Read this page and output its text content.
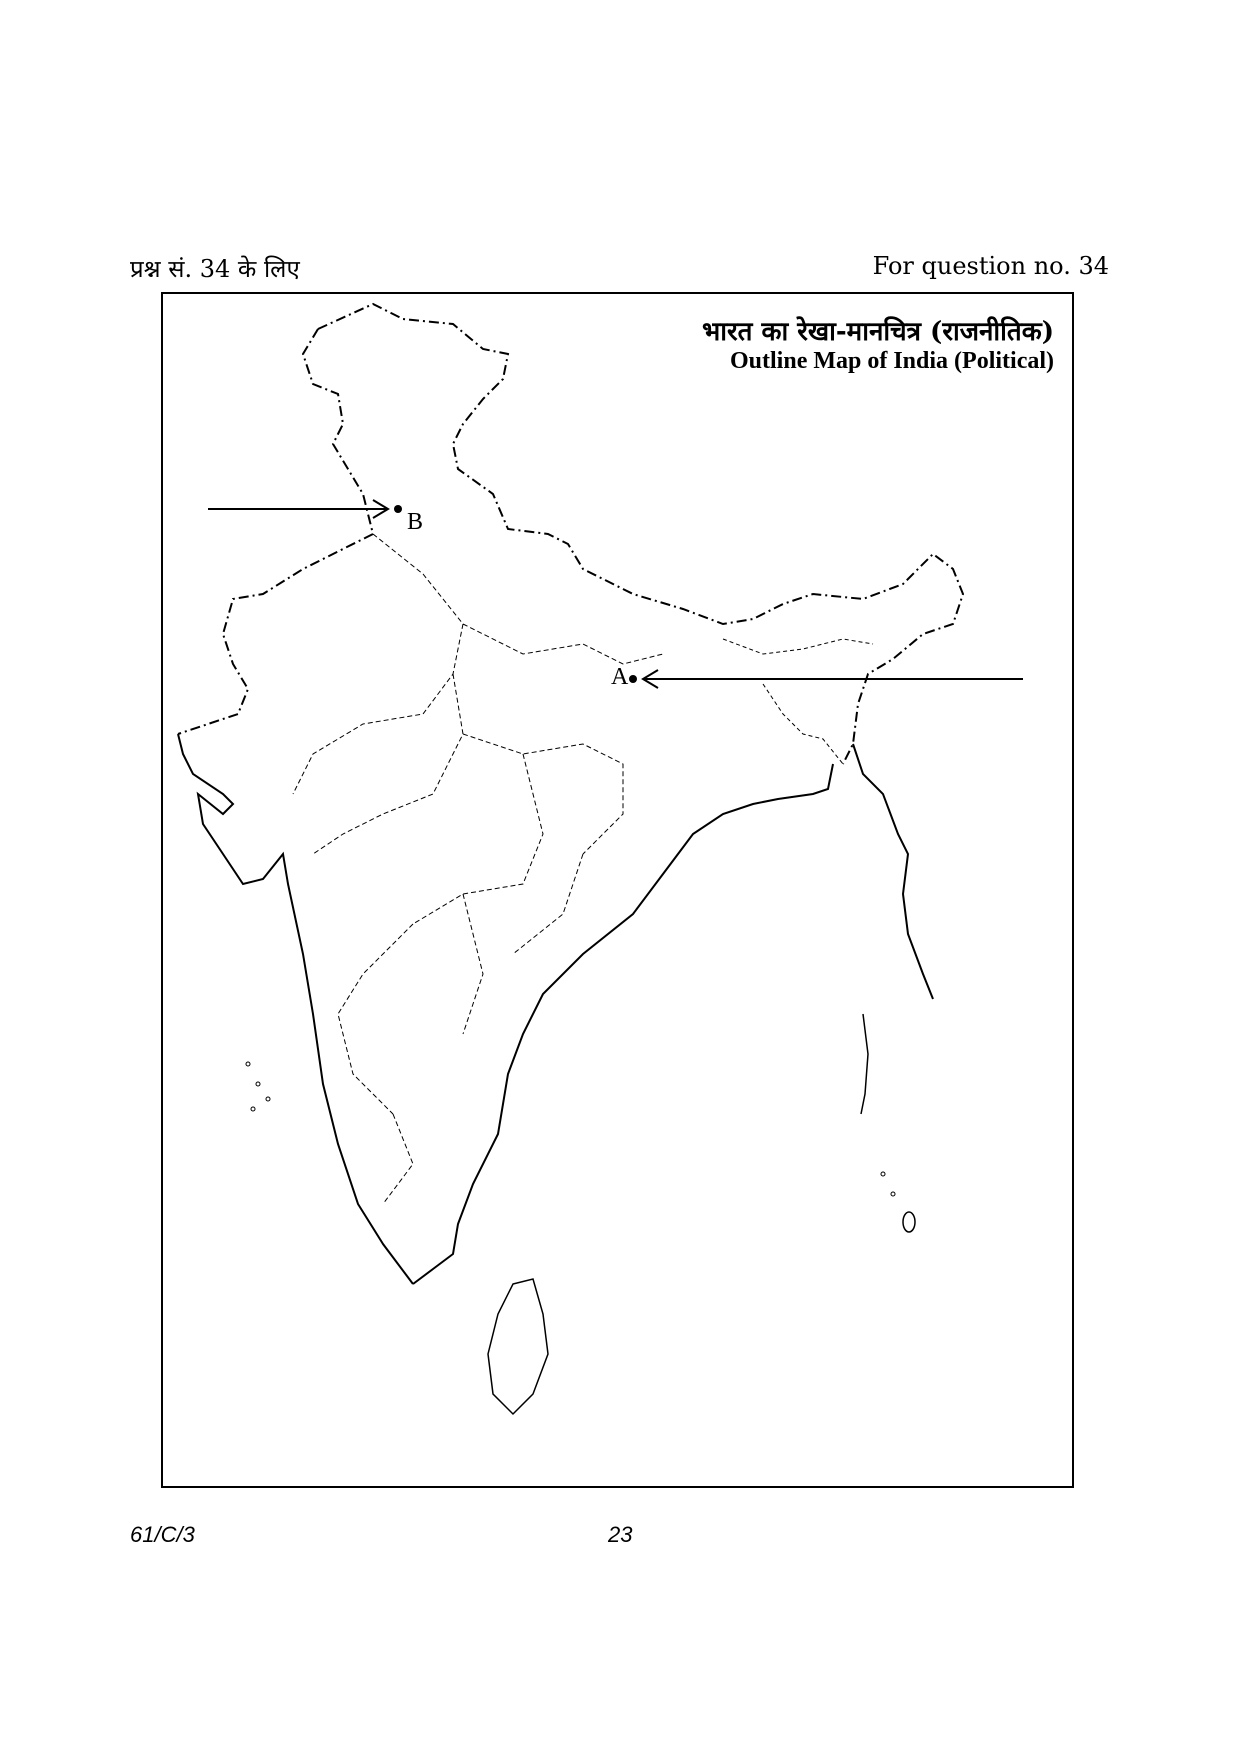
प्रश्न सं. 34 के लिए	For question no. 34
भारत का रेखा-मानचित्र (राजनीतिक)
Outline Map of India (Political)
A
B
61/C/3	23
